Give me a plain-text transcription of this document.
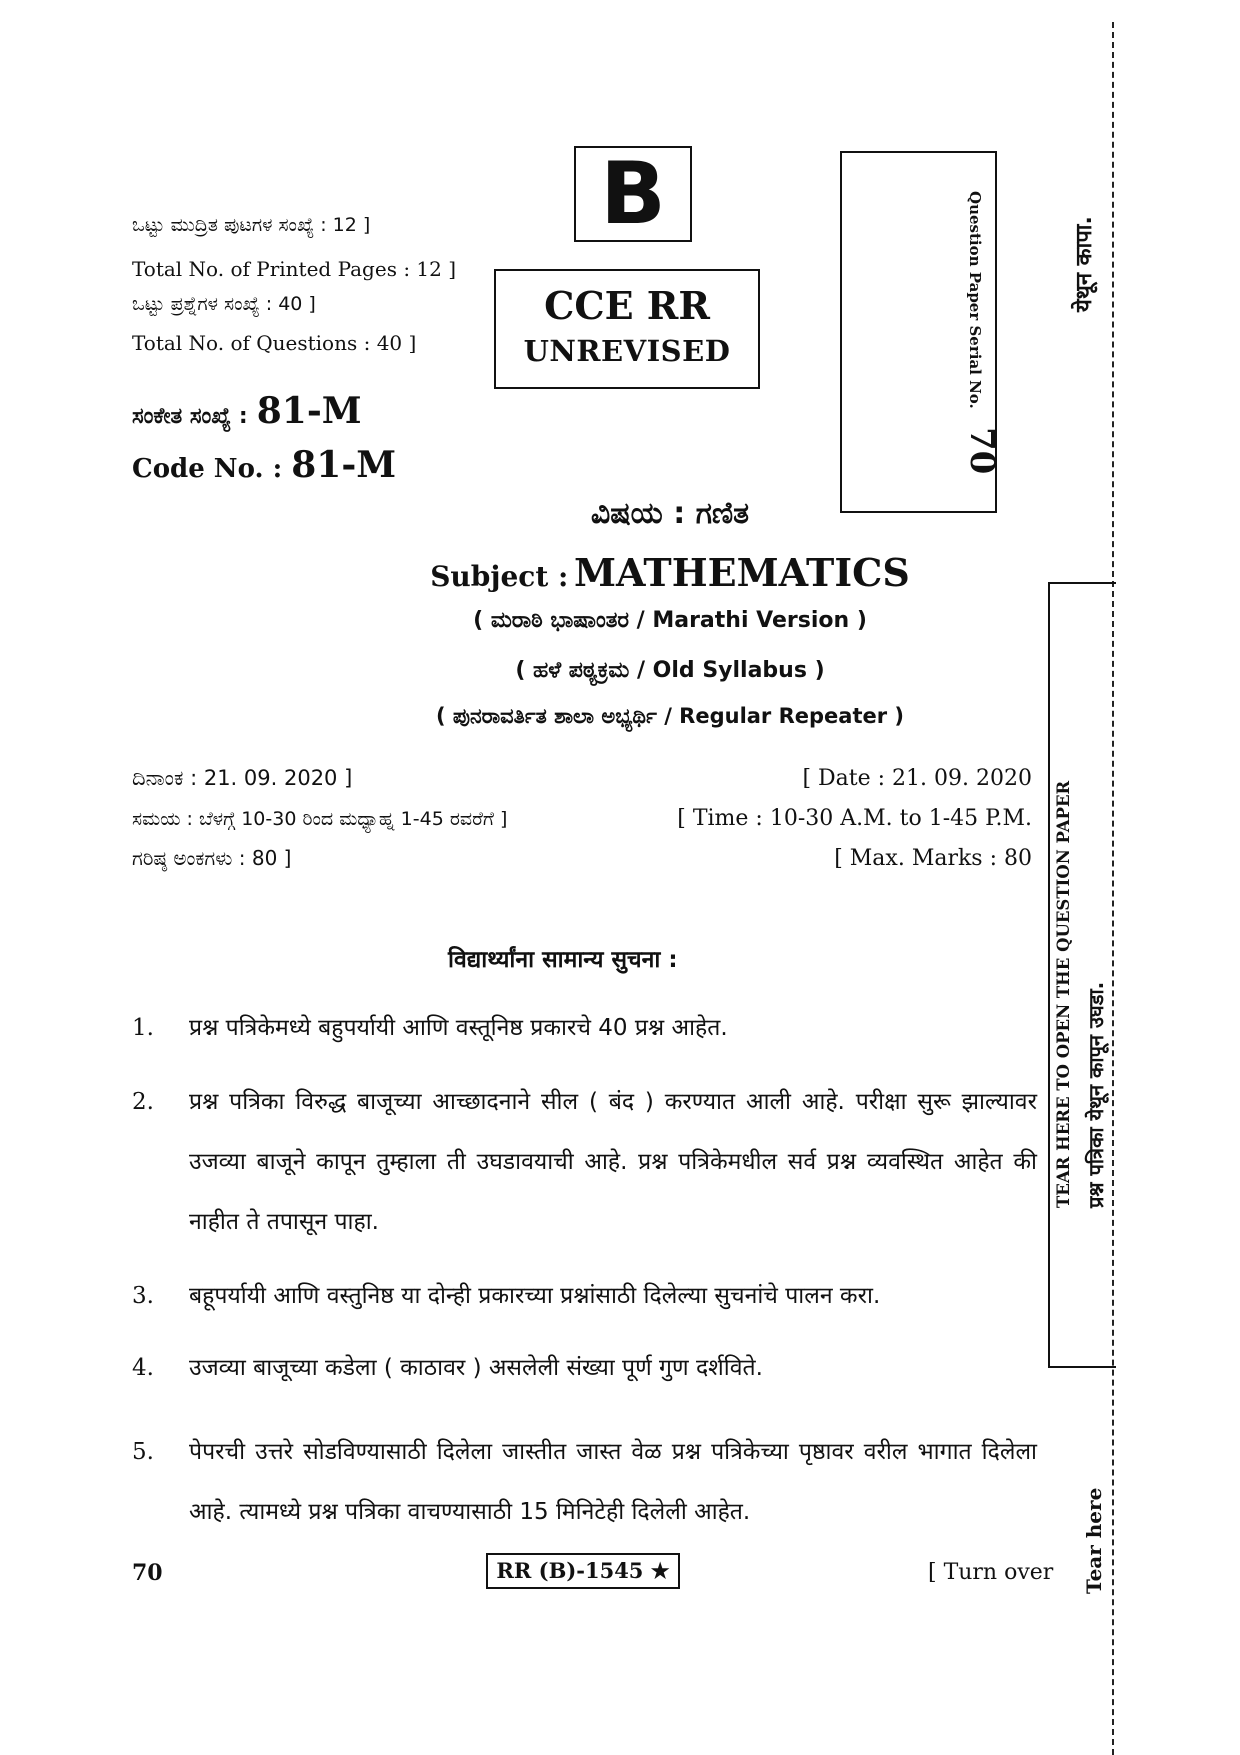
ಒಟ್ಟು ಮುದ್ರಿತ ಪುಟಗಳ ಸಂಖ್ಯೆ : 12 ]
Total No. of Printed Pages : 12 ]
ಒಟ್ಟು ಪ್ರಶ್ನೆಗಳ ಸಂಖ್ಯೆ : 40 ]
Total No. of Questions : 40 ]
ಸಂಕೇತ ಸಂಖ್ಯೆ : 81-M
Code No. : 81-M
B
CCE RR
UNREVISED	Question Paper Serial No.
70
ವಿಷಯ : ಗಣಿತ
Subject : MATHEMATICS
( ಮರಾಠಿ ಭಾಷಾಂತರ / Marathi Version )
( ಹಳೆ ಪಠ್ಯಕ್ರಮ / Old Syllabus )
( ಪುನರಾವರ್ತಿತ ಶಾಲಾ ಅಭ್ಯರ್ಥಿ / Regular Repeater )
ದಿನಾಂಕ : 21. 09. 2020 ]	[ Date : 21. 09. 2020
ಸಮಯ : ಬೆಳಗ್ಗೆ 10-30 ರಿಂದ ಮಧ್ಯಾಹ್ನ 1-45 ರವರೆಗೆ ]	[ Time : 10-30 A.M. to 1-45 P.M.
ಗರಿಷ್ಠ ಅಂಕಗಳು : 80 ]	[ Max. Marks : 80
विद्यार्थ्यांना सामान्य सुचना :
1. प्रश्न पत्रिकेमध्ये बहुपर्यायी आणि वस्तूनिष्ठ प्रकारचे 40 प्रश्न आहेत.
2. प्रश्न पत्रिका विरुद्ध बाजूच्या आच्छादनाने सील ( बंद ) करण्यात आली आहे. परीक्षा सुरू झाल्यावर उजव्या बाजूने कापून तुम्हाला ती उघडावयाची आहे. प्रश्न पत्रिकेमधील सर्व प्रश्न व्यवस्थित आहेत की नाहीत ते तपासून पाहा.
3. बहूपर्यायी आणि वस्तुनिष्ठ या दोन्ही प्रकारच्या प्रश्नांसाठी दिलेल्या सुचनांचे पालन करा.
4. उजव्या बाजूच्या कडेला ( काठावर ) असलेली संख्या पूर्ण गुण दर्शविते.
5. पेपरची उत्तरे सोडविण्यासाठी दिलेला जास्तीत जास्त वेळ प्रश्न पत्रिकेच्या पृष्ठावर वरील भागात दिलेला आहे. त्यामध्ये प्रश्न पत्रिका वाचण्यासाठी 15 मिनिटेही दिलेली आहेत.
70	RR (B)-1545 ★	[ Turn over
येथून कापा.
TEAR HERE TO OPEN THE QUESTION PAPER प्रश्न पत्रिका येथून कापून उघडा.
Tear here
